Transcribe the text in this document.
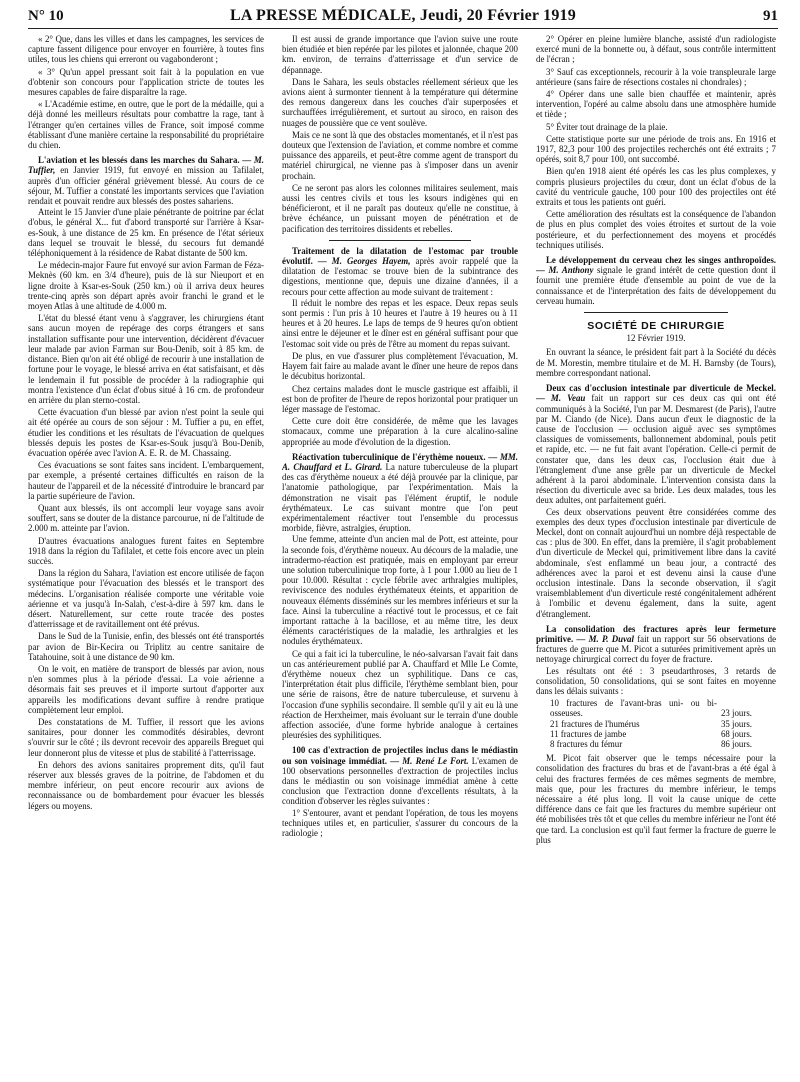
N° 10	LA PRESSE MÉDICALE, Jeudi, 20 Février 1919	91

« 2° Que, dans les villes et dans les campagnes, les services de capture fassent diligence pour envoyer en fourrière, à toutes fins utiles, tous les chiens qui erreront ou vagabonderont ;

« 3° Qu'un appel pressant soit fait à la population en vue d'obtenir son concours pour l'application stricte de toutes les mesures capables de faire disparaître la rage.

« L'Académie estime, en outre, que le port de la médaille, qui a déjà donné les meilleurs résultats pour combattre la rage, tant à l'étranger qu'en certaines villes de France, soit imposé comme établissant d'une manière certaine la responsabilité du propriétaire du chien.

L'aviation et les blessés dans les marches du Sahara. — M. Tuffier, en Janvier 1919, fut envoyé en mission au Tafilalet, auprès d'un officier général grièvement blessé. Au cours de ce séjour, M. Tuffier a constaté les importants services que l'aviation rendait et pouvait rendre aux blessés des postes sahariens.

Atteint le 15 Janvier d'une plaie pénétrante de poitrine par éclat d'obus, le général X... fut d'abord transporté sur l'arrière à Ksar-es-Souk, à une distance de 25 km. En présence de l'état sérieux dans lequel se trouvait le blessé, du secours fut demandé téléphoniquement à la résidence de Rabat distante de 500 km.

Le médecin-major Faure fut envoyé sur avion Farman de Féza-Meknès (60 km. en 3/4 d'heure), puis de là sur Nieuport et en ligne droite à Ksar-es-Souk (250 km.) où il arriva deux heures trente-cinq après son départ après avoir franchi le grand et le moyen Atlas à une altitude de 4.000 m.

L'état du blessé étant venu à s'aggraver, les chirurgiens étant sans aucun moyen de repérage des corps étrangers et sans installation suffisante pour une intervention, décidèrent d'évacuer leur malade par avion Farman sur Bou-Denib, soit à 85 km. de distance. Bien qu'on ait été obligé de recourir à une installation de fortune pour le voyage, le blessé arriva en état satisfaisant, et dès le lendemain il fut possible de procéder à la radiographie qui montra l'existence d'un éclat d'obus situé à 16 cm. de profondeur en arrière du plan sterno-costal.

Cette évacuation d'un blessé par avion n'est point la seule qui ait été opérée au cours de son séjour : M. Tuffier a pu, en effet, étudier les conditions et les résultats de l'évacuation de quelques blessés depuis les postes de Ksar-es-Souk jusqu'à Bou-Denib, évacuation opérée avec l'avion A. E. R. de M. Chassaing.

Ces évacuations se sont faites sans incident. L'embarquement, par exemple, a présenté certaines difficultés en raison de la hauteur de l'appareil et de la nécessité d'introduire le brancard par la partie supérieure de l'avion.

Quant aux blessés, ils ont accompli leur voyage sans avoir souffert, sans se douter de la distance parcourue, ni de l'altitude de 2.000 m. atteinte par l'avion.

D'autres évacuations analogues furent faites en Septembre 1918 dans la région du Tafilalet, et cette fois encore avec un plein succès.

Dans la région du Sahara, l'aviation est encore utilisée de façon systématique pour l'évacuation des blessés et le transport des médecins. L'organisation réalisée comporte une véritable voie aérienne et va jusqu'à In-Salah, c'est-à-dire à 597 km. dans le désert. Naturellement, sur cette route tracée des postes d'atterrissage et de ravitaillement ont été prévus.

Dans le Sud de la Tunisie, enfin, des blessés ont été transportés par avion de Bir-Kecira ou Triplitz au centre sanitaire de Tatahouine, soit à une distance de 90 km.

On le voit, en matière de transport de blessés par avion, nous n'en sommes plus à la période d'essai. La voie aérienne a désormais fait ses preuves et il importe surtout d'apporter aux appareils les modifications devant suffire à rendre pratique complètement leur emploi.

Des constatations de M. Tuffier, il ressort que les avions sanitaires, pour donner les commodités désirables, devront s'ouvrir sur le côté ; ils devront recevoir des appareils Breguet qui leur donneront plus de vitesse et plus de stabilité à l'atterrissage.

En dehors des avions sanitaires proprement dits, qu'il faut réserver aux blessés graves de la poitrine, de l'abdomen et du membre inférieur, on peut encore recourir aux avions de reconnaissance ou de bombardement pour évacuer les blessés légers ou moyens.

Il est aussi de grande importance que l'avion suive une route bien étudiée et bien repérée par les pilotes et jalonnée, chaque 200 km. environ, de terrains d'atterrissage et d'un service de dépannage.

Dans le Sahara, les seuls obstacles réellement sérieux que les avions aient à surmonter tiennent à la température qui détermine des remous dangereux dans les couches d'air superposées et surchauffées irrégulièrement, et surtout au siroco, en raison des nuages de poussière que ce vent soulève.

Mais ce ne sont là que des obstacles momentanés, et il n'est pas douteux que l'extension de l'aviation, et comme nombre et comme puissance des appareils, et peut-être comme agent de transport du matériel chirurgical, ne vienne pas à s'imposer dans un avenir prochain.

Ce ne seront pas alors les colonnes militaires seulement, mais aussi les centres civils et tous les ksours indigènes qui en bénéficieront, et il ne paraît pas douteux qu'elle ne constitue, à brève échéance, un puissant moyen de pénétration et de pacification des territoires dissidents et rebelles.

Traitement de la dilatation de l'estomac par trouble évolutif. — M. Georges Hayem, après avoir rappelé que la dilatation de l'estomac se trouve bien de la subintrance des digestions, mentionne que, depuis une dizaine d'années, il a recours pour cette affection au mode suivant de traitement :

Il réduit le nombre des repas et les espace. Deux repas seuls sont permis : l'un pris à 10 heures et l'autre à 19 heures ou à 11 heures et à 20 heures. Le laps de temps de 9 heures qu'on obtient ainsi entre le déjeuner et le dîner est en général suffisant pour que l'estomac soit vide ou près de l'être au moment du repas suivant.

De plus, en vue d'assurer plus complètement l'évacuation, M. Hayem fait faire au malade avant le dîner une heure de repos dans le décubitus horizontal.

Chez certains malades dont le muscle gastrique est affaibli, il est bon de profiter de l'heure de repos horizontal pour pratiquer un léger massage de l'estomac.

Cette cure doit être considérée, de même que les lavages stomacaux, comme une préparation à la cure alcalino-saline appropriée au mode d'évolution de la digestion.

Réactivation tuberculinique de l'érythème noueux. — MM. A. Chauffard et L. Girard. La nature tuberculeuse de la plupart des cas d'érythème noueux a été déjà prouvée par la clinique, par l'anatomie pathologique, par l'expérimentation. Mais la démonstration ne visait pas l'élément éruptif, le nodule érythémateux. Le cas suivant montre que l'on peut expérimentalement réactiver tout l'ensemble du processus morbide, fièvre, astralgies, éruption.

Une femme, atteinte d'un ancien mal de Pott, est atteinte, pour la seconde fois, d'érythème noueux. Au décours de la maladie, une intradermo-réaction est pratiquée, mais en employant par erreur une solution tuberculinique trop forte, à 1 pour 1.000 au lieu de 1 pour 10.000. Résultat : cycle fébrile avec arthralgies multiples, reviviscence des nodules érythémateux éteints, et apparition de nouveaux éléments disséminés sur les membres inférieurs et sur la face. Ainsi la tuberculine a réactivé tout le processus, et ce fait important rattache à la bacillose, et au même titre, les deux éléments caractéristiques de la maladie, les arthralgies et les nodules érythémateux.

Ce qui a fait ici la tuberculine, le néo-salvarsan l'avait fait dans un cas antérieurement publié par A. Chauffard et Mlle Le Comte, d'érythème noueux chez un syphilitique. Dans ce cas, l'interprétation était plus difficile, l'érythème semblant bien, pour une série de raisons, être de nature tuberculeuse, et survenu à l'occasion d'une syphilis secondaire. Il semble qu'il y ait eu là une réaction de Herxheimer, mais évoluant sur le terrain d'une double affection associée, d'une forme hybride analogue à certaines pleurésies des syphilitiques.

100 cas d'extraction de projectiles inclus dans le médiastin ou son voisinage immédiat. — M. René Le Fort. L'examen de 100 observations personnelles d'extraction de projectiles inclus dans le médiastin ou son voisinage immédiat amène à cette conclusion que l'extraction donne d'excellents résultats, à la condition d'observer les règles suivantes :

1° S'entourer, avant et pendant l'opération, de tous les moyens techniques utiles et, en particulier, s'assurer du concours de la radiologie ;

2° Opérer en pleine lumière blanche, assisté d'un radiologiste exercé muni de la bonnette ou, à défaut, sous contrôle intermittent de l'écran ;

3° Sauf cas exceptionnels, recourir à la voie transpleurale large antérieure (sans faire de résections costales ni chondrales) ;

4° Opérer dans une salle bien chauffée et maintenir, après intervention, l'opéré au calme absolu dans une atmosphère humide et tiède ;

5° Éviter tout drainage de la plaie.

Cette statistique porte sur une période de trois ans. En 1916 et 1917, 82,3 pour 100 des projectiles recherchés ont été extraits ; 7 opérés, soit 8,7 pour 100, ont succombé.

Bien qu'en 1918 aient été opérés les cas les plus complexes, y compris plusieurs projectiles du cœur, dont un éclat d'obus de la cavité du ventricule gauche, 100 pour 100 des projectiles ont été extraits et tous les patients ont guéri.

Cette amélioration des résultats est la conséquence de l'abandon de plus en plus complet des voies étroites et surtout de la voie postérieure, et du perfectionnement des moyens et procédés techniques utilisés.

Le développement du cerveau chez les singes anthropoïdes. — M. Anthony signale le grand intérêt de cette question dont il fournit une première étude d'ensemble au point de vue de la connaissance et de l'interprétation des faits de développement du cerveau humain.
SOCIÉTÉ DE CHIRURGIE
12 Février 1919.

En ouvrant la séance, le président fait part à la Société du décès de M. Morestin, membre titulaire et de M. H. Barnsby (de Tours), membre correspondant national.

Deux cas d'occlusion intestinale par diverticule de Meckel. — M. Veau fait un rapport sur ces deux cas qui ont été communiqués à la Société, l'un par M. Desmarest (de Paris), l'autre par M. Ciando (de Nice). Dans aucun d'eux le diagnostic de la cause de l'occlusion — occlusion aiguë avec ses symptômes classiques de vomissements, ballonnement abdominal, pouls petit et rapide, etc. — ne fut fait avant l'opération. Celle-ci permit de constater que, dans les deux cas, l'occlusion était due à l'étranglement d'une anse grêle par un diverticule de Meckel adhérent à la paroi abdominale. L'intervention consista dans la résection du diverticule avec sa bride. Les deux malades, tous les deux adultes, ont parfaitement guéri.

Ces deux observations peuvent être considérées comme des exemples des deux types d'occlusion intestinale par diverticule de Meckel, dont on connaît aujourd'hui un nombre déjà respectable de cas : plus de 300. En effet, dans la première, il s'agit probablement d'un diverticule de Meckel qui, primitivement libre dans la cavité abdominale, s'est enflammé un beau jour, a contracté des adhérences avec la paroi et est devenu ainsi la cause d'une occlusion intestinale. Dans la seconde observation, il s'agit vraisemblablement d'un diverticule resté congénitalement adhérent à l'ombilic et devenu également, dans la suite, agent d'étranglement.

La consolidation des fractures après leur fermeture primitive. — M. P. Duval fait un rapport sur 56 observations de fractures de guerre que M. Picot a suturées primitivement après un nettoyage chirurgical correct du foyer de fracture.

Les résultats ont été : 3 pseudarthroses, 3 retards de consolidation, 50 consolidations, qui se sont faites en moyenne dans les délais suivants :

10 fractures de l'avant-bras uni- ou bi-osseuses.	23 jours.
21 fractures de l'humérus	35 jours.
11 fractures de jambe	68 jours.
8 fractures du fémur	86 jours.

M. Picot fait observer que le temps nécessaire pour la consolidation des fractures du bras et de l'avant-bras a été égal à celui des fractures fermées de ces mêmes segments de membre, mais que, pour les fractures du membre inférieur, le temps nécessaire a été plus long. Il voit la cause unique de cette différence dans ce fait que les fractures du membre supérieur ont été mobilisées très tôt et que celles du membre inférieur ne l'ont été que tard. La conclusion est qu'il faut fermer la fracture de guerre le plus
